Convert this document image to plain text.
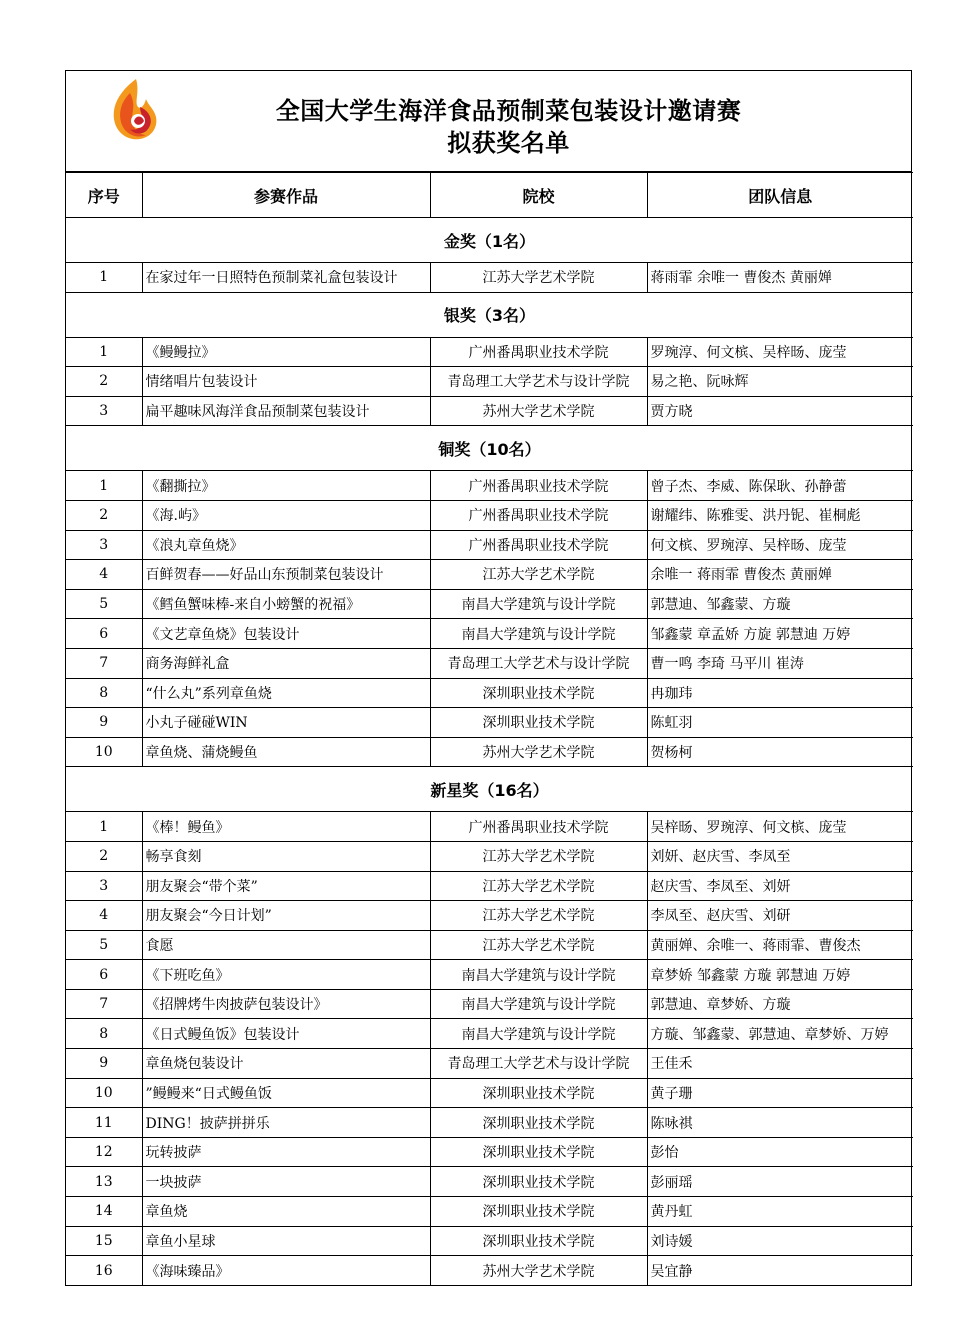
全国大学生海洋食品预制菜包装设计邀请赛
拟获奖名单
序号	参赛作品	院校	团队信息
金奖（1名）			
1	在家过年一日照特色预制菜礼盒包装设计	江苏大学艺术学院	蒋雨霏 余唯一 曹俊杰 黄丽婵
银奖（3名）			
1	《鳗鳗拉》	广州番禺职业技术学院	罗琬淳、何文槟、吴梓旸、庞莹
2	情绪唱片包装设计	青岛理工大学艺术与设计学院	易之艳、阮咏辉
3	扁平趣味风海洋食品预制菜包装设计	苏州大学艺术学院	贾方晓
铜奖（10名）			
1	《翻撕拉》	广州番禺职业技术学院	曾子杰、李威、陈保耿、孙静蕾
2	《海.屿》	广州番禺职业技术学院	谢耀纬、陈雅雯、洪丹铌、崔桐彪
3	《浪丸章鱼烧》	广州番禺职业技术学院	何文槟、罗琬淳、吴梓旸、庞莹
4	百鲜贺春——好品山东预制菜包装设计	江苏大学艺术学院	余唯一 蒋雨霏 曹俊杰 黄丽婵
5	《鳕鱼蟹味棒-来自小螃蟹的祝福》	南昌大学建筑与设计学院	郭慧迪、邹鑫蒙、方璇
6	《文艺章鱼烧》包装设计	南昌大学建筑与设计学院	邹鑫蒙 章孟娇 方旋 郭慧迪 万婷
7	商务海鲜礼盒	青岛理工大学艺术与设计学院	曹一鸣 李琦 马平川 崔涛
8	“什么丸”系列章鱼烧	深圳职业技术学院	冉珈玮
9	小丸子碰碰WIN	深圳职业技术学院	陈虹羽
10	章鱼烧、蒲烧鳗鱼	苏州大学艺术学院	贺杨柯
新星奖（16名）			
1	《棒！鳗鱼》	广州番禺职业技术学院	吴梓旸、罗琬淳、何文槟、庞莹
2	畅享食刻	江苏大学艺术学院	刘妍、赵庆雪、李凤至
3	朋友聚会“带个菜”	江苏大学艺术学院	赵庆雪、李凤至、刘妍
4	朋友聚会“今日计划”	江苏大学艺术学院	李凤至、赵庆雪、刘研
5	食愿	江苏大学艺术学院	黄丽婵、余唯一、蒋雨霏、曹俊杰
6	《下班吃鱼》	南昌大学建筑与设计学院	章梦娇 邹鑫蒙 方璇 郭慧迪 万婷
7	《招牌烤牛肉披萨包装设计》	南昌大学建筑与设计学院	郭慧迪、章梦娇、方璇
8	《日式鳗鱼饭》包装设计	南昌大学建筑与设计学院	方璇、邹鑫蒙、郭慧迪、章梦娇、万婷
9	章鱼烧包装设计	青岛理工大学艺术与设计学院	王佳禾
10	”鳗鳗来“日式鳗鱼饭	深圳职业技术学院	黄子珊
11	DING！披萨拼拼乐	深圳职业技术学院	陈咏祺
12	玩转披萨	深圳职业技术学院	彭怡
13	一块披萨	深圳职业技术学院	彭丽瑶
14	章鱼烧	深圳职业技术学院	黄丹虹
15	章鱼小星球	深圳职业技术学院	刘诗媛
16	《海味臻品》	苏州大学艺术学院	吴宜静
